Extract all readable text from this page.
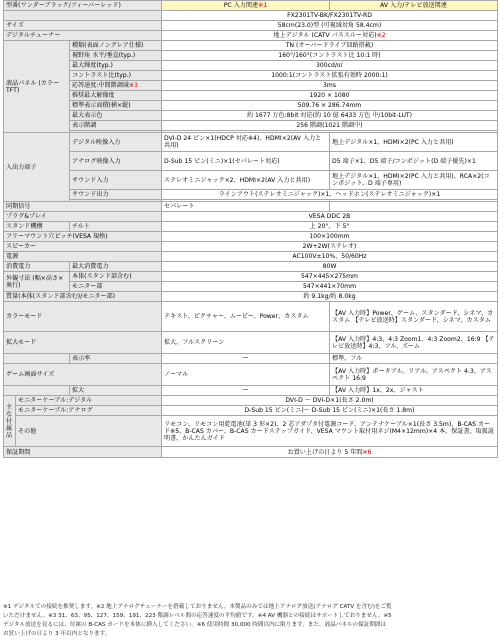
型番(ワンダーブラック/フィーバーレッド)			PC 入力関連※1	AV 入力/テレビ放送関連
			FX2301TV-BK/FX2301TV-RD	
サイズ			58cm(23.0)型 (可視域対角 58.4cm)	
デジタルチューナー			地上デジタル (CATV パススルー対応)※2	
液晶パネル (カラーTFT)		種類(表面ノングレア仕様)	TN (オーバードライブ回路搭載)	
		視野角 水平/垂直(typ.)	160°/160°(コントラスト比 10:1 時)	
		最大輝度(typ.)	300cd/㎡	
		コントラスト比(typ.)	1000:1(コントラスト拡張有効時 2000:1)	
		応答速度:中間階調域※3	3ms	
		推奨最大解像度	1920 × 1080	
		標準表示面積(横×縦)	509.76 × 286.74mm	
		最大表示色	約 1677 万色:8bit 対応(約 10 億 6433 万色 中/10bit-LUT)	
		表示階調	256 階調(1021 階調中)	

入出力端子		デジタル映像入力	DVI-D 24 ピン×1(HDCP 対応※4)、HDMI×2(AV 入力と共用)	地上デジタル×1、HDMI×2(PC 入力と共用)
		アナログ映像入力	D-Sub 15 ピン(ミニ)×1(セパレート対応)	D5 端子×1、D5 端子/コンポジット(D 端子優先)×1
		サウンド入力	ステレオミニジャック×2、HDMI×2(AV 入力と共用)	地上デジタル×1、HDMI×2(PC 入力と共用)、RCA×2(コンポジット、D 端子専用)
		サウンド出力	ラインアウト(ステレオミニジャック)×1、ヘッドホン(ステレオミニジャック)×1	

同期信号			セパレート	
プラグ&プレイ			VESA DDC 2B	
スタンド機構		チルト	上 20°、下 5°	
フリーマウント穴ピッチ(VESA 規格)			100×100mm	
スピーカー			2W+2W(ステレオ)	
電源			AC100V±10%、50/60Hz	
消費電力		最大消費電力	80W	
外観寸法 (幅×高さ×奥行)		本体(スタンド部含む)	547×445×275mm	
		モニター部	547×441×70mm	
質量(本体(スタンド部含む)/モニター部)			約 9.1kg/約 8.0kg	
カラーモード			テキスト、ピクチャー、ムービー、Power、カスタム	【AV 入力時】Power、ゲーム、スタンダード、シネマ、カスタム 【テレビ放送時】スタンダード、シネマ、カスタム
拡大モード			拡大、フルスクリーン	【AV 入力時】4:3、4:3 Zoom1、4:3 Zoom2、16:9 【テレビ放送時】4:3、フル、ズーム
		表示率	ー	標準、フル
ゲーム画面サイズ			ノーマル	【AV 入力時】ポータブル、リアル、アスペクト 4:3、アスペクト 16:9
		拡大	ー	【AV 入力時】1x、2x、ジャスト
主な 付属品	モニターケーブル:デジタル		DVI-D ～ DVI-D×1(長さ 2.0m)	
	モニターケーブル:アナログ		D-Sub 15 ピン(ミニ)～ D-Sub 15 ピン(ミニ)×1(長さ 1.8m)	
	その他		リモコン、リモコン用乾電池(単 3 形×2)、2 芯アダプタ付電源コード、アンテナケーブル×1(長さ 3.5m)、B-CAS カード※5、B-CAS カバー、B-CAS カードステップガイド、VESA マウント取付用ネジ(M4×12mm)×4 本、保証書、取扱説明書、かんたんガイド	
保証期間			お買い上げの日より 5 年間※6	

※1 デジタルでの接続を推奨します。※2 地上アナログチューナーを搭載しておりません。本製品のみでは地上アナログ放送(アナログ CATV を含む)をご覧

いただけません。※3 31、63、95、127、159、191、223 階調レベル間の応答速度の平均値です。※4 AV 機器との接続はサポートしておりません。※5

デジタル放送を見るには、付属の B-CAS カードを本体に挿入してください。※6 使用時間 30,000 時間以内に限ります。また、液晶パネルの保証期間は

お買い上げの日より 3 年以内となります。
